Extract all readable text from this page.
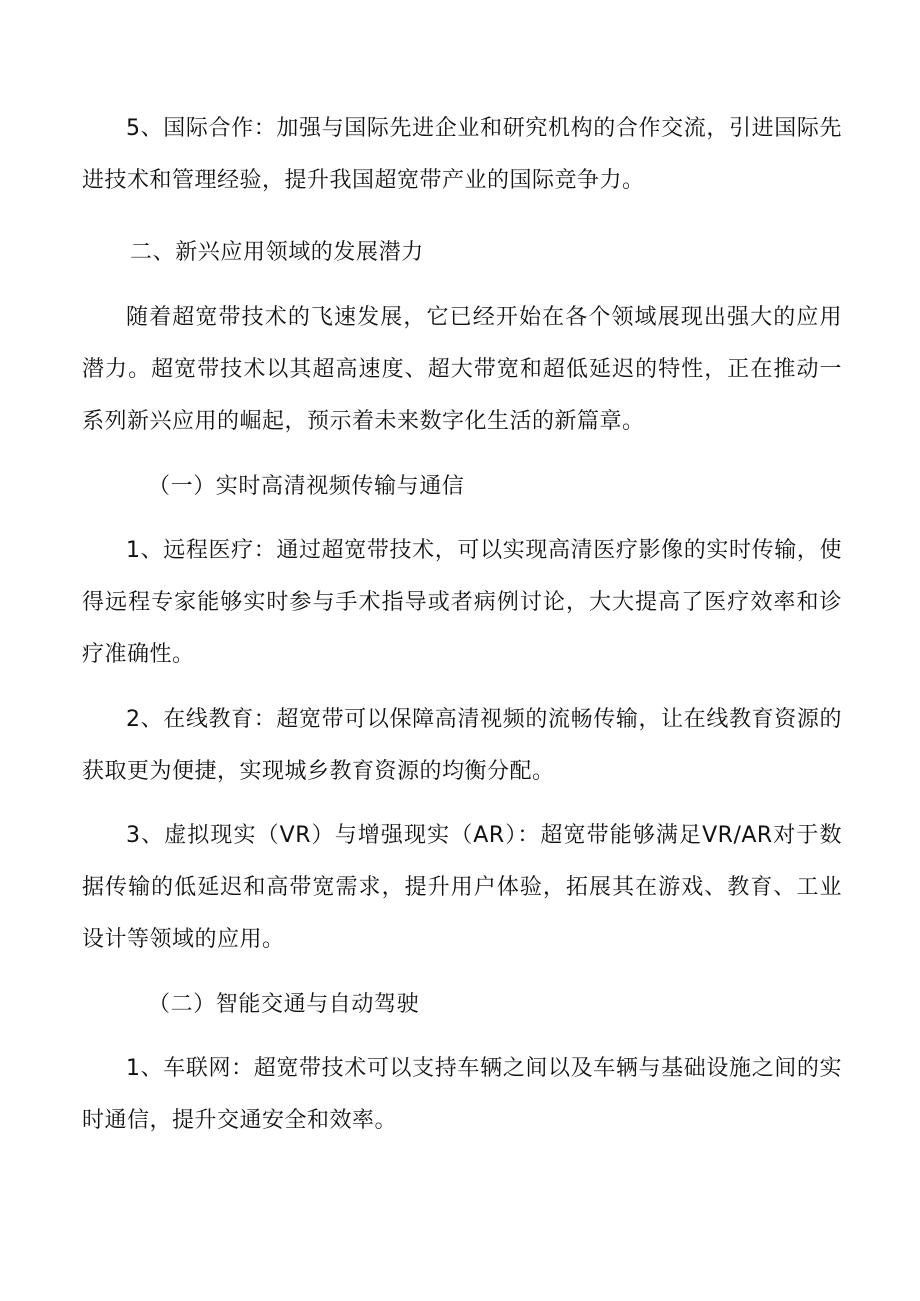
5、国际合作：加强与国际先进企业和研究机构的合作交流，引进国际先进技术和管理经验，提升我国超宽带产业的国际竞争力。

二、新兴应用领域的发展潜力

随着超宽带技术的飞速发展，它已经开始在各个领域展现出强大的应用潜力。超宽带技术以其超高速度、超大带宽和超低延迟的特性，正在推动一系列新兴应用的崛起，预示着未来数字化生活的新篇章。

（一）实时高清视频传输与通信

1、远程医疗：通过超宽带技术，可以实现高清医疗影像的实时传输，使得远程专家能够实时参与手术指导或者病例讨论，大大提高了医疗效率和诊疗准确性。

2、在线教育：超宽带可以保障高清视频的流畅传输，让在线教育资源的获取更为便捷，实现城乡教育资源的均衡分配。

3、虚拟现实（VR）与增强现实（AR）：超宽带能够满足VR/AR对于数据传输的低延迟和高带宽需求，提升用户体验，拓展其在游戏、教育、工业设计等领域的应用。

（二）智能交通与自动驾驶

1、车联网：超宽带技术可以支持车辆之间以及车辆与基础设施之间的实时通信，提升交通安全和效率。
